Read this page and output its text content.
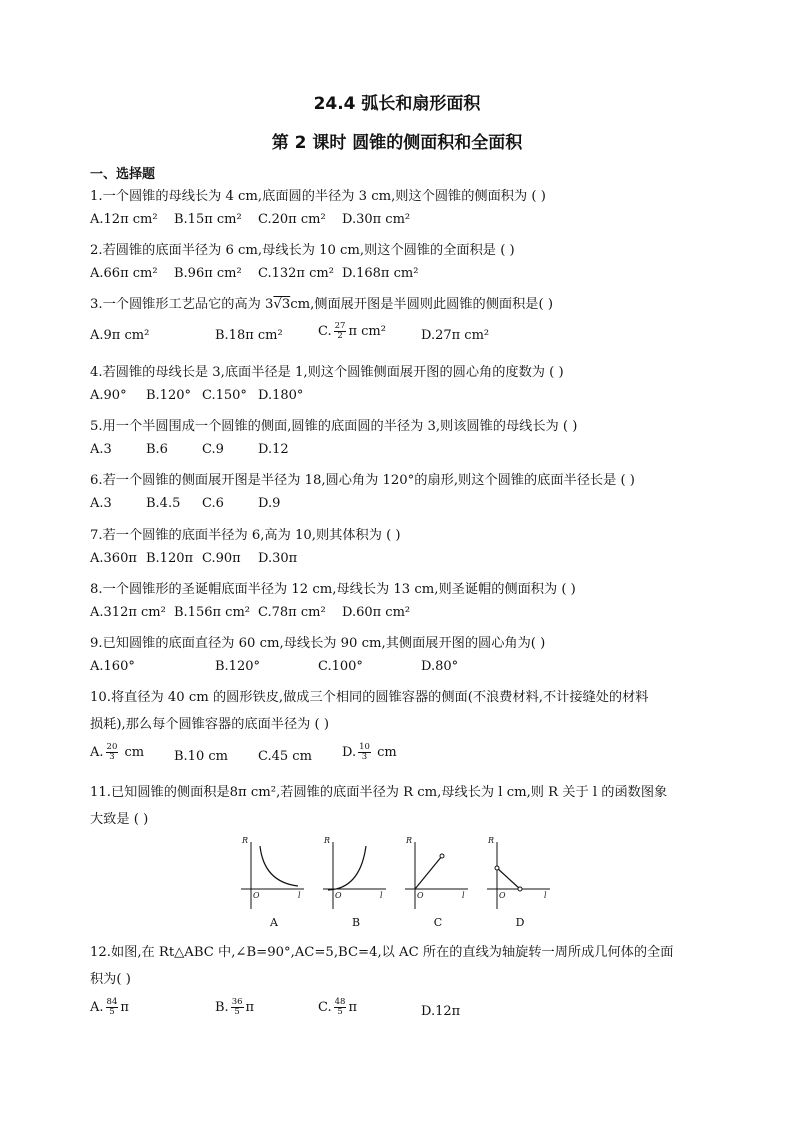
24.4 弧长和扇形面积
第 2 课时 圆锥的侧面积和全面积
一、选择题
1.一个圆锥的母线长为 4 cm,底面圆的半径为 3 cm,则这个圆锥的侧面积为 ( )
A.12π cm² B.15π cm² C.20π cm² D.30π cm²
2.若圆锥的底面半径为 6 cm,母线长为 10 cm,则这个圆锥的全面积是 ( )
A.66π cm² B.96π cm² C.132π cm² D.168π cm²
3.一个圆锥形工艺品它的高为 3√3cm,侧面展开图是半圆则此圆锥的侧面积是( )
A.9π cm²	B.18π cm²	C. $\frac{27}{2}$ π cm²	D.27π cm²
4.若圆锥的母线长是 3,底面半径是 1,则这个圆锥侧面展开图的圆心角的度数为 ( )
A.90° B.120° C.150° D.180°
5.用一个半圆围成一个圆锥的侧面,圆锥的底面圆的半径为 3,则该圆锥的母线长为 ( )
A.3	B.6	C.9	D.12
6.若一个圆锥的侧面展开图是半径为 18,圆心角为 120°的扇形,则这个圆锥的底面半径长是 ( )
A.3	B.4.5 C.6	D.9
7.若一个圆锥的底面半径为 6,高为 10,则其体积为 ( )
A.360π B.120π C.90π D.30π
8.一个圆锥形的圣诞帽底面半径为 12 cm,母线长为 13 cm,则圣诞帽的侧面积为 ( )
A.312π cm² B.156π cm² C.78π cm² D.60π cm²
9.已知圆锥的底面直径为 60 cm,母线长为 90 cm,其侧面展开图的圆心角为( )
A.160°	B.120°	C.100°	D.80°
10.将直径为 40 cm 的圆形铁皮,做成三个相同的圆锥容器的侧面(不浪费材料,不计接缝处的材料
损耗),那么每个圆锥容器的底面半径为 ( )
A. $\frac{20}{3}$ cm B.10 cm C.45 cm D. $\frac{10}{3}$ cm
11.已知圆锥的侧面积是8π cm²,若圆锥的底面半径为 R cm,母线长为 l cm,则 R 关于 l 的函数图象
大致是 ( )
R
l
O
A
R
l
O
B
R
l
O
C
R
l
O
D
12.如图,在 Rt△ABC 中,∠B=90°,AC=5,BC=4,以 AC 所在的直线为轴旋转一周所成几何体的全面
积为( )
A. $\frac{84}{5}$ π	B. $\frac{36}{5}$ π	C. $\frac{48}{5}$ π	D.12π
